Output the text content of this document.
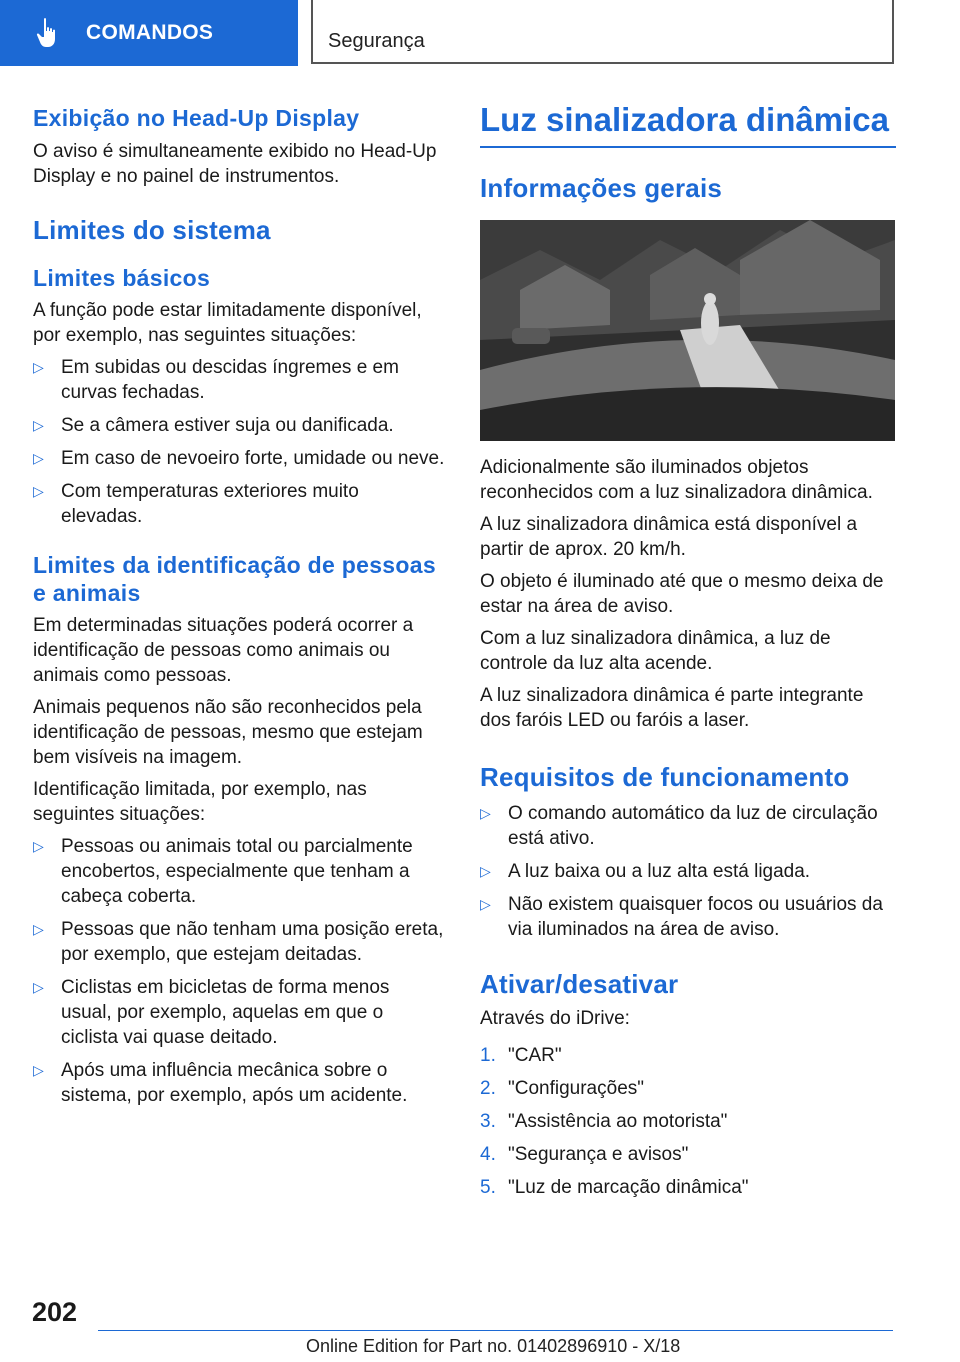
COMANDOS	Segurança
Exibição no Head-Up Display

O aviso é simultaneamente exibido no Head-Up Display e no painel de instrumentos.

Limites do sistema
Limites básicos

A função pode estar limitadamente disponível, por exemplo, nas seguintes situações:

▷ Em subidas ou descidas íngremes e em curvas fechadas.
▷ Se a câmera estiver suja ou danificada.
▷ Em caso de nevoeiro forte, umidade ou neve.
▷ Com temperaturas exteriores muito elevadas.
Limites da identificação de pessoas e animais

Em determinadas situações poderá ocorrer a identificação de pessoas como animais ou animais como pessoas.

Animais pequenos não são reconhecidos pela identificação de pessoas, mesmo que estejam bem visíveis na imagem.

Identificação limitada, por exemplo, nas seguintes situações:

▷ Pessoas ou animais total ou parcialmente encobertos, especialmente que tenham a cabeça coberta.
▷ Pessoas que não tenham uma posição ereta, por exemplo, que estejam deitadas.
▷ Ciclistas em bicicletas de forma menos usual, por exemplo, aquelas em que o ciclista vai quase deitado.
▷ Após uma influência mecânica sobre o sistema, por exemplo, após um acidente.
Luz sinalizadora dinâmica
Informações gerais

Adicionalmente são iluminados objetos reconhecidos com a luz sinalizadora dinâmica.

A luz sinalizadora dinâmica está disponível a partir de aprox. 20 km/h.

O objeto é iluminado até que o mesmo deixa de estar na área de aviso.

Com a luz sinalizadora dinâmica, a luz de controle da luz alta acende.

A luz sinalizadora dinâmica é parte integrante dos faróis LED ou faróis a laser.

Requisitos de funcionamento
▷ O comando automático da luz de circulação está ativo.
▷ A luz baixa ou a luz alta está ligada.
▷ Não existem quaisquer focos ou usuários da via iluminados na área de aviso.
Ativar/desativar

Através do iDrive:

1. "CAR"
2. "Configurações"
3. "Assistência ao motorista"
4. "Segurança e avisos"
5. "Luz de marcação dinâmica"
202
Online Edition for Part no. 01402896910 - X/18
